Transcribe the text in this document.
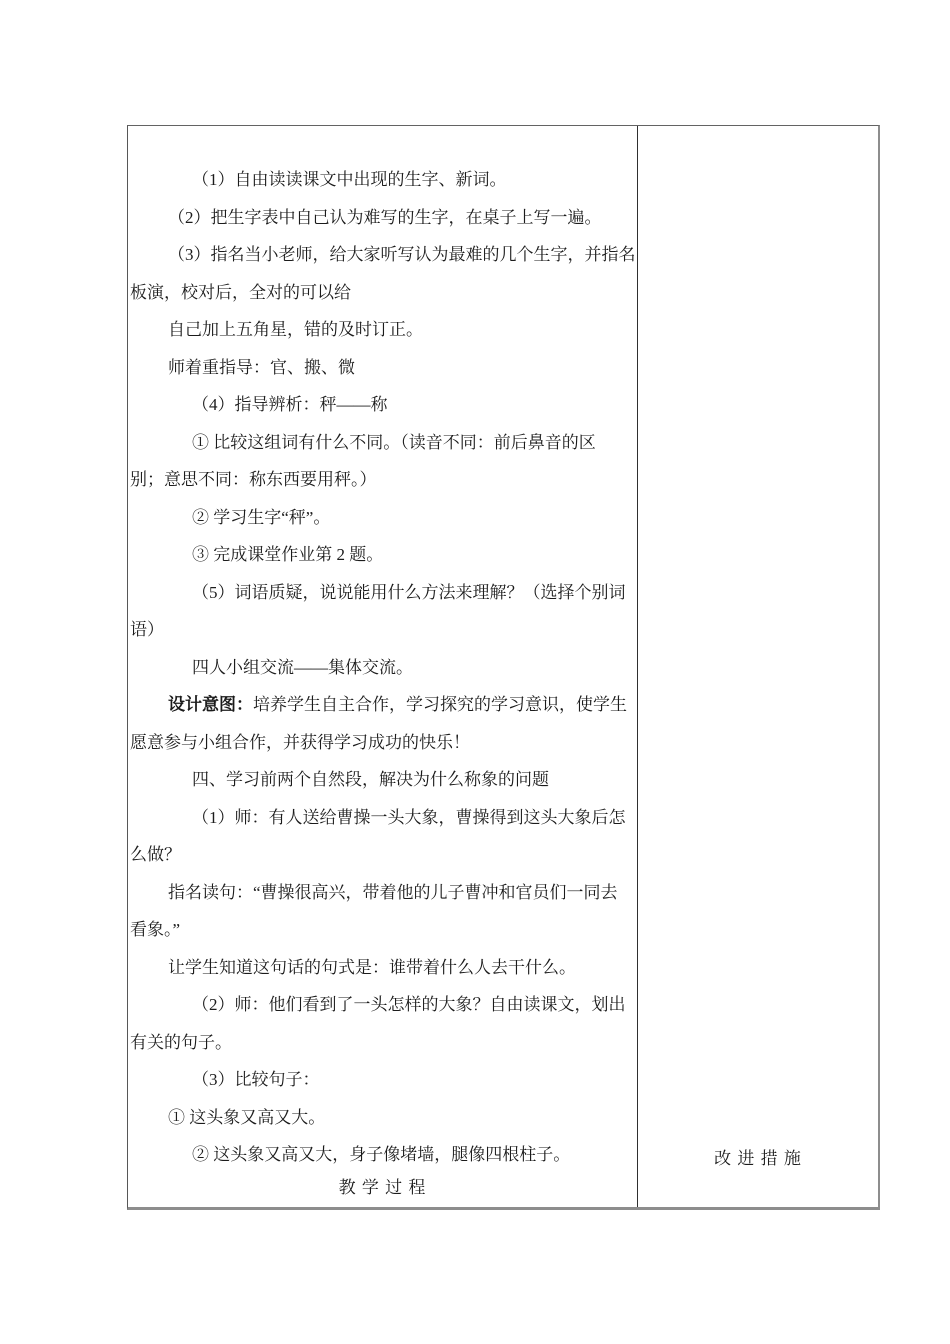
（1）自由读读课文中出现的生字、新词。
（2）把生字表中自己认为难写的生字，在桌子上写一遍。
（3）指名当小老师，给大家听写认为最难的几个生字，并指名
板演，校对后，全对的可以给
自己加上五角星，错的及时订正。
师着重指导：官、搬、微
（4）指导辨析：秤——称
① 比较这组词有什么不同。（读音不同：前后鼻音的区
别；意思不同：称东西要用秤。）
② 学习生字“秤”。
③ 完成课堂作业第 2 题。
（5）词语质疑，说说能用什么方法来理解？（选择个别词
语）
四人小组交流——集体交流。
设计意图：培养学生自主合作，学习探究的学习意识，使学生
愿意参与小组合作，并获得学习成功的快乐！
四、学习前两个自然段，解决为什么称象的问题
（1）师：有人送给曹操一头大象，曹操得到这头大象后怎
么做？
指名读句：“曹操很高兴，带着他的儿子曹冲和官员们一同去
看象。”
让学生知道这句话的句式是：谁带着什么人去干什么。
（2）师：他们看到了一头怎样的大象？自由读课文，划出
有关的句子。
（3）比较句子：
① 这头象又高又大。
② 这头象又高又大，身子像堵墙，腿像四根柱子。
教 学 过 程
改 进 措 施
